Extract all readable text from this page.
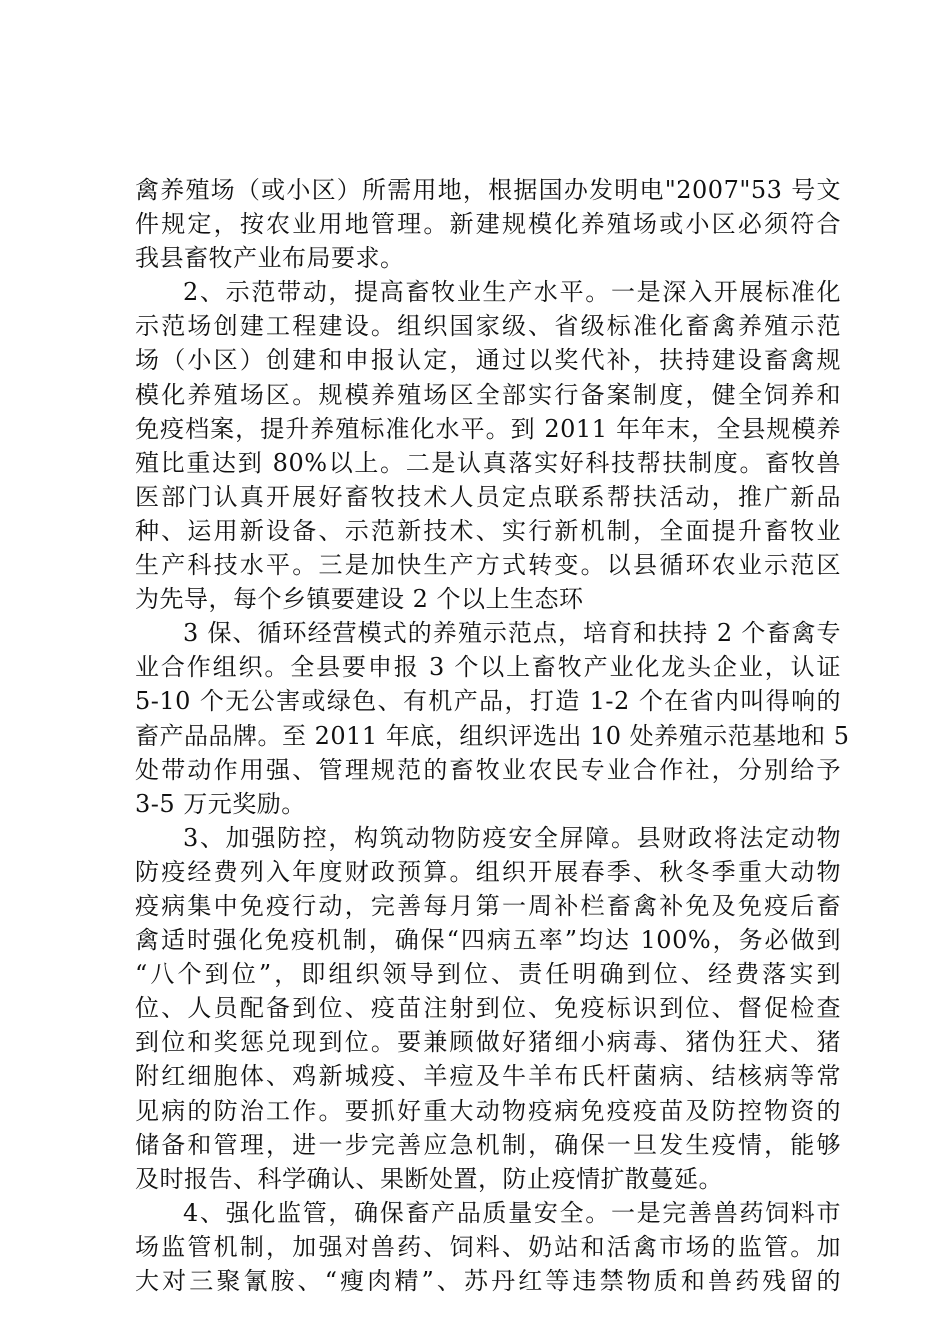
禽养殖场（或小区）所需用地，根据国办发明电"2007"53 号文
件规定，按农业用地管理。新建规模化养殖场或小区必须符合
我县畜牧产业布局要求。
2、示范带动，提高畜牧业生产水平。一是深入开展标准化
示范场创建工程建设。组织国家级、省级标准化畜禽养殖示范
场（小区）创建和申报认定，通过以奖代补，扶持建设畜禽规
模化养殖场区。规模养殖场区全部实行备案制度，健全饲养和
免疫档案，提升养殖标准化水平。到 2011 年年末，全县规模养
殖比重达到 80%以上。二是认真落实好科技帮扶制度。畜牧兽
医部门认真开展好畜牧技术人员定点联系帮扶活动，推广新品
种、运用新设备、示范新技术、实行新机制，全面提升畜牧业
生产科技水平。三是加快生产方式转变。以县循环农业示范区
为先导，每个乡镇要建设 2 个以上生态环
3 保、循环经营模式的养殖示范点，培育和扶持 2 个畜禽专
业合作组织。全县要申报 3 个以上畜牧产业化龙头企业，认证
5-10 个无公害或绿色、有机产品，打造 1-2 个在省内叫得响的
畜产品品牌。至 2011 年底，组织评选出 10 处养殖示范基地和 5
处带动作用强、管理规范的畜牧业农民专业合作社，分别给予
3-5 万元奖励。
3、加强防控，构筑动物防疫安全屏障。县财政将法定动物
防疫经费列入年度财政预算。组织开展春季、秋冬季重大动物
疫病集中免疫行动，完善每月第一周补栏畜禽补免及免疫后畜
禽适时强化免疫机制，确保“四病五率”均达 100%，务必做到
“八个到位”，即组织领导到位、责任明确到位、经费落实到
位、人员配备到位、疫苗注射到位、免疫标识到位、督促检查
到位和奖惩兑现到位。要兼顾做好猪细小病毒、猪伪狂犬、猪
附红细胞体、鸡新城疫、羊痘及牛羊布氏杆菌病、结核病等常
见病的防治工作。要抓好重大动物疫病免疫疫苗及防控物资的
储备和管理，进一步完善应急机制，确保一旦发生疫情，能够
及时报告、科学确认、果断处置，防止疫情扩散蔓延。
4、强化监管，确保畜产品质量安全。一是完善兽药饲料市
场监管机制，加强对兽药、饲料、奶站和活禽市场的监管。加
大对三聚氰胺、“瘦肉精”、苏丹红等违禁物质和兽药残留的
